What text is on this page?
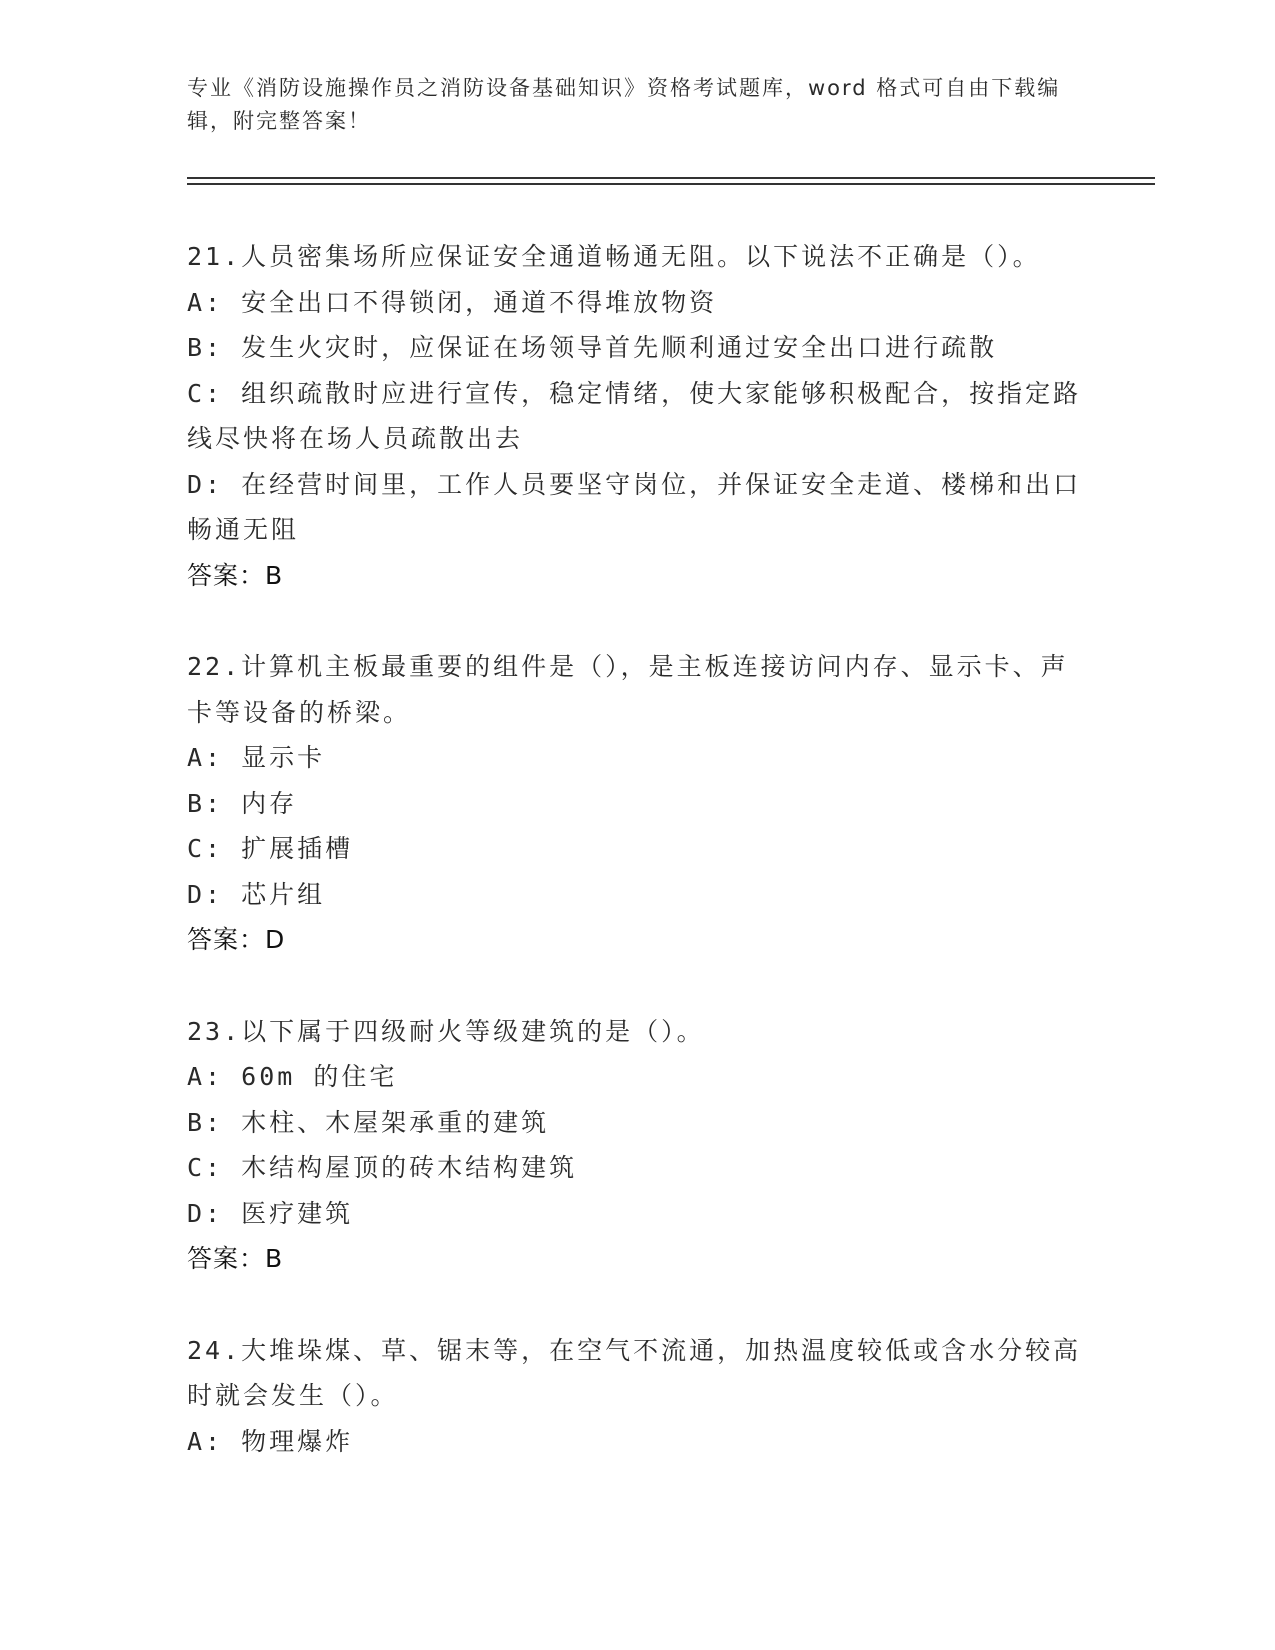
专业《消防设施操作员之消防设备基础知识》资格考试题库，word 格式可自由下载编辑，附完整答案！
21.人员密集场所应保证安全通道畅通无阻。以下说法不正确是（）。
A: 安全出口不得锁闭，通道不得堆放物资
B: 发生火灾时，应保证在场领导首先顺利通过安全出口进行疏散
C: 组织疏散时应进行宣传，稳定情绪，使大家能够积极配合，按指定路线尽快将在场人员疏散出去
D: 在经营时间里，工作人员要坚守岗位，并保证安全走道、楼梯和出口畅通无阻
答案：B
22.计算机主板最重要的组件是（），是主板连接访问内存、显示卡、声卡等设备的桥梁。
A: 显示卡
B: 内存
C: 扩展插槽
D: 芯片组
答案：D
23.以下属于四级耐火等级建筑的是（）。
A: 60m 的住宅
B: 木柱、木屋架承重的建筑
C: 木结构屋顶的砖木结构建筑
D: 医疗建筑
答案：B
24.大堆垛煤、草、锯末等，在空气不流通，加热温度较低或含水分较高时就会发生（）。
A: 物理爆炸
